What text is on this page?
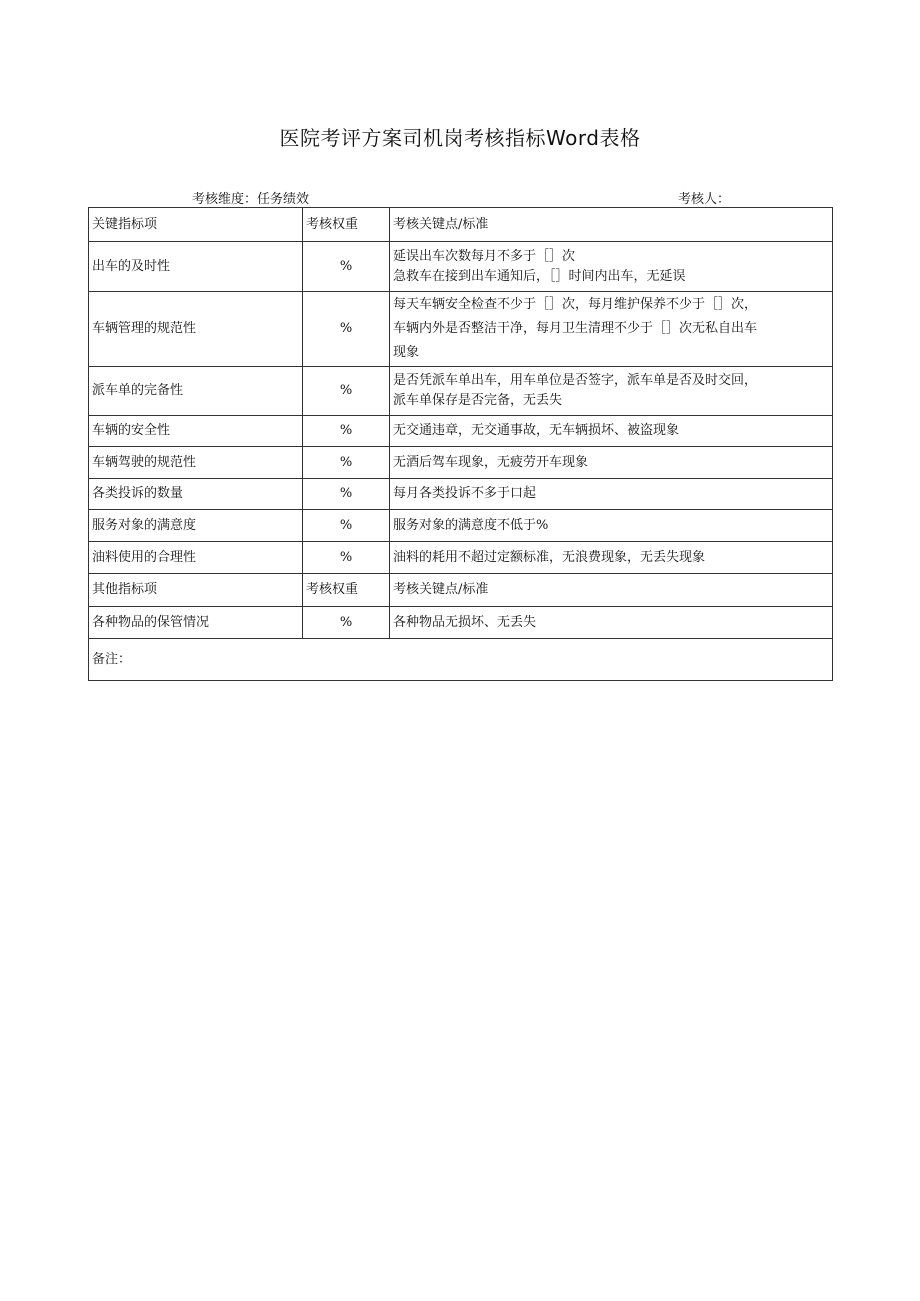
医院考评方案司机岗考核指标Word表格
考核维度：任务绩效	考核人：
关键指标项	考核权重	考核关键点/标准
出车的及时性	%	延误出车次数每月不多于［］次
急救车在接到出车通知后，［］时间内出车，无延误

车辆管理的规范性	%	每天车辆安全检查不少于［］次，每月维护保养不少于［］次，
车辆内外是否整洁干净，每月卫生清理不少于［］次无私自出车
现象

派车单的完备性	%	是否凭派车单出车，用车单位是否签字，派车单是否及时交回，
派车单保存是否完备，无丢失

车辆的安全性	%	无交通违章，无交通事故，无车辆损坏、被盗现象
车辆驾驶的规范性	%	无酒后驾车现象，无疲劳开车现象
各类投诉的数量	%	每月各类投诉不多于口起
服务对象的满意度	%	服务对象的满意度不低于%
油料使用的合理性	%	油料的耗用不超过定额标准，无浪费现象，无丢失现象
其他指标项	考核权重	考核关键点/标准
各种物品的保管情况	%	各种物品无损坏、无丢失
备注：		
